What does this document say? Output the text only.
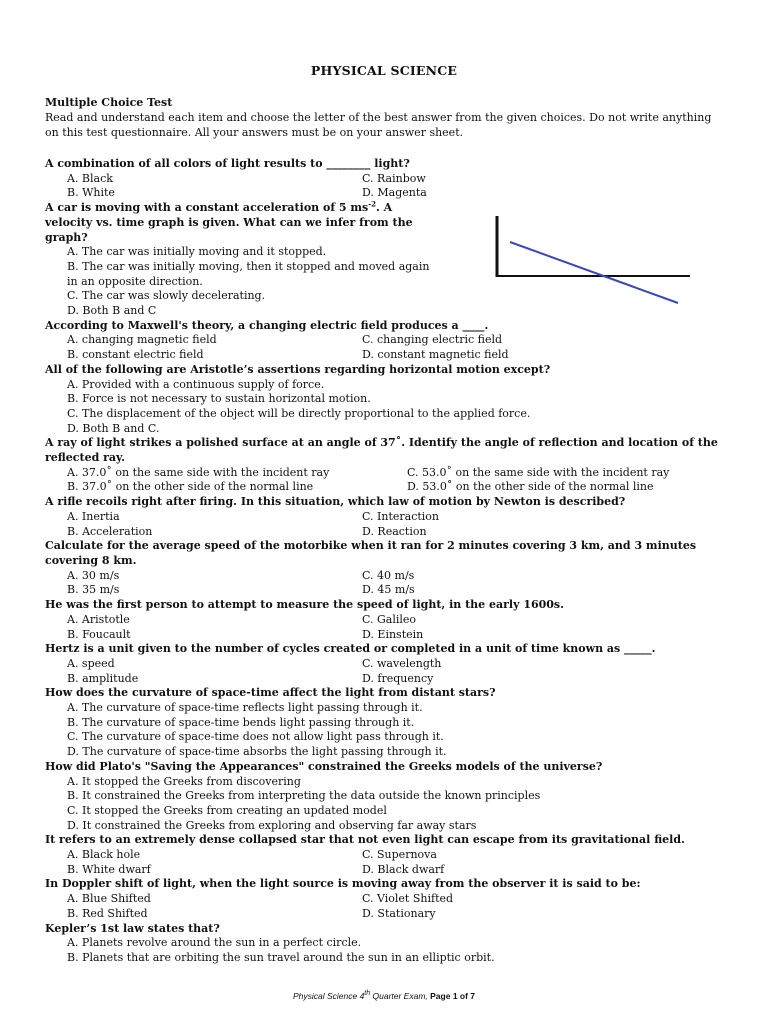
PHYSICAL SCIENCE
Multiple Choice Test
Read and understand each item and choose the letter of the best answer from the given choices. Do not write anything on this test questionnaire. All your answers must be on your answer sheet.
A combination of all colors of light results to ________ light?
A. Black	C. Rainbow
B. White	D. Magenta
A car is moving with a constant acceleration of 5 $ms^{-2}$. A velocity vs. time graph is given. What can we infer from the graph?
A. The car was initially moving and it stopped.
B. The car was initially moving, then it stopped and moved again in an opposite direction.
C. The car was slowly decelerating.
D. Both B and C
According to Maxwell's theory, a changing electric field produces a ____.
A. changing magnetic field	C. changing electric field
B. constant electric field	D. constant magnetic field
All of the following are Aristotle’s assertions regarding horizontal motion except?
A. Provided with a continuous supply of force.
B. Force is not necessary to sustain horizontal motion.
C. The displacement of the object will be directly proportional to the applied force.
D. Both B and C.
A ray of light strikes a polished surface at an angle of 37˚. Identify the angle of reflection and location of the reflected ray.
A. 37.0˚ on the same side with the incident ray	C. 53.0˚ on the same side with the incident ray
B. 37.0˚ on the other side of the normal line	D. 53.0˚ on the other side of the normal line
A rifle recoils right after firing. In this situation, which law of motion by Newton is described?
A. Inertia	C. Interaction
B. Acceleration	D. Reaction
Calculate for the average speed of the motorbike when it ran for 2 minutes covering 3 km, and 3 minutes covering 8 km.
A. 30 m/s	C. 40 m/s
B. 35 m/s	D. 45 m/s
He was the first person to attempt to measure the speed of light, in the early 1600s.
A. Aristotle	C. Galileo
B. Foucault	D. Einstein
Hertz is a unit given to the number of cycles created or completed in a unit of time known as _____.
A. speed	C. wavelength
B. amplitude	D. frequency
How does the curvature of space-time affect the light from distant stars?
A. The curvature of space-time reflects light passing through it.
B. The curvature of space-time bends light passing through it.
C. The curvature of space-time does not allow light pass through it.
D. The curvature of space-time absorbs the light passing through it.
How did Plato's "Saving the Appearances" constrained the Greeks models of the universe?
A. It stopped the Greeks from discovering
B. It constrained the Greeks from interpreting the data outside the known principles
C. It stopped the Greeks from creating an updated model
D. It constrained the Greeks from exploring and observing far away stars
It refers to an extremely dense collapsed star that not even light can escape from its gravitational field.
A. Black hole	C. Supernova
B. White dwarf	D. Black dwarf
In Doppler shift of light, when the light source is moving away from the observer it is said to be:
A. Blue Shifted	C. Violet Shifted
B. Red Shifted	D. Stationary
Kepler’s 1st law states that?
A. Planets revolve around the sun in a perfect circle.
B. Planets that are orbiting the sun travel around the sun in an elliptic orbit.
Physical Science 4th Quarter Exam, Page 1 of 7
